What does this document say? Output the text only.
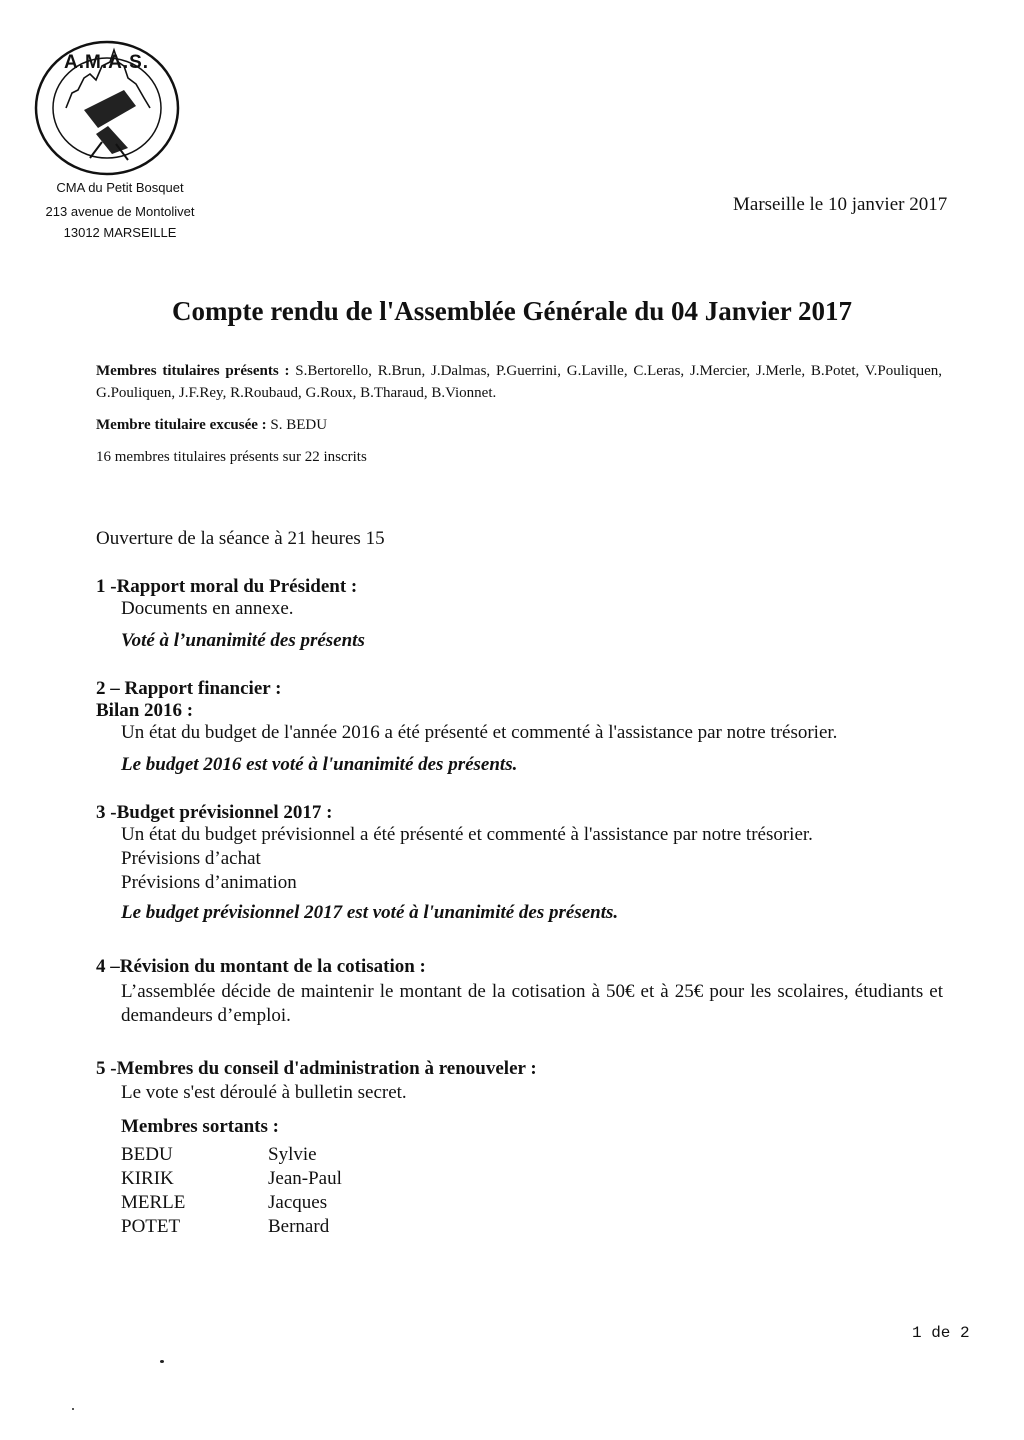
A.M.A.S.
CMA du Petit Bosquet
213 avenue de Montolivet
13012 MARSEILLE
Marseille le 10 janvier 2017
Compte rendu de l'Assemblée Générale du 04 Janvier 2017
Membres titulaires présents : S.Bertorello, R.Brun, J.Dalmas, P.Guerrini, G.Laville, C.Leras, J.Mercier, J.Merle, B.Potet, V.Pouliquen, G.Pouliquen, J.F.Rey, R.Roubaud, G.Roux, B.Tharaud, B.Vionnet.
Membre titulaire excusée : S. BEDU
16 membres titulaires présents sur 22 inscrits
Ouverture de la séance à 21 heures 15
1 -Rapport moral du Président :
Documents en annexe.
Voté à l’unanimité des présents
2 – Rapport financier :
Bilan 2016 :
Un état du budget de l'année 2016 a été présenté et commenté à l'assistance par notre trésorier.
Le budget 2016 est voté à l'unanimité des présents.
3 -Budget prévisionnel 2017 :
Un état du budget prévisionnel a été présenté et commenté à l'assistance par notre trésorier.
Prévisions d’achat
Prévisions d’animation
Le budget prévisionnel 2017 est voté à l'unanimité des présents.
4 –Révision du montant de la cotisation :
L’assemblée décide de maintenir le montant de la cotisation à 50€ et à 25€ pour les scolaires, étudiants et demandeurs d’emploi.
5 -Membres du conseil d'administration à renouveler :
Le vote s'est déroulé à bulletin secret.
Membres sortants :
BEDU	Sylvie
KIRIK	Jean-Paul
MERLE	Jacques
POTET	Bernard
1 de 2
